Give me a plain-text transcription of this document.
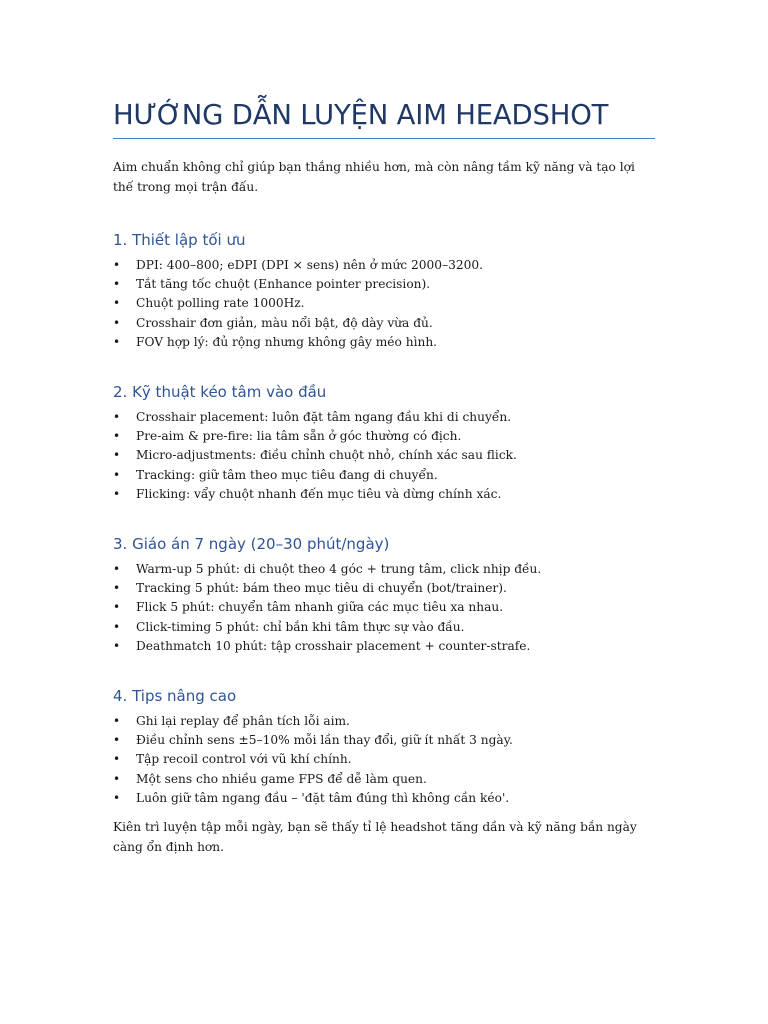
HƯỚNG DẪN LUYỆN AIM HEADSHOT

Aim chuẩn không chỉ giúp bạn thắng nhiều hơn, mà còn nâng tầm kỹ năng và tạo lợi thế trong mọi trận đấu.

1. Thiết lập tối ưu
• DPI: 400–800; eDPI (DPI × sens) nên ở mức 2000–3200.
• Tắt tăng tốc chuột (Enhance pointer precision).
• Chuột polling rate 1000Hz.
• Crosshair đơn giản, màu nổi bật, độ dày vừa đủ.
• FOV hợp lý: đủ rộng nhưng không gây méo hình.
2. Kỹ thuật kéo tâm vào đầu
• Crosshair placement: luôn đặt tâm ngang đầu khi di chuyển.
• Pre-aim & pre-fire: lia tâm sẵn ở góc thường có địch.
• Micro-adjustments: điều chỉnh chuột nhỏ, chính xác sau flick.
• Tracking: giữ tâm theo mục tiêu đang di chuyển.
• Flicking: vẩy chuột nhanh đến mục tiêu và dừng chính xác.
3. Giáo án 7 ngày (20–30 phút/ngày)
• Warm-up 5 phút: di chuột theo 4 góc + trung tâm, click nhịp đều.
• Tracking 5 phút: bám theo mục tiêu di chuyển (bot/trainer).
• Flick 5 phút: chuyển tâm nhanh giữa các mục tiêu xa nhau.
• Click-timing 5 phút: chỉ bắn khi tâm thực sự vào đầu.
• Deathmatch 10 phút: tập crosshair placement + counter-strafe.
4. Tips nâng cao
• Ghi lại replay để phân tích lỗi aim.
• Điều chỉnh sens ±5–10% mỗi lần thay đổi, giữ ít nhất 3 ngày.
• Tập recoil control với vũ khí chính.
• Một sens cho nhiều game FPS để dễ làm quen.
• Luôn giữ tâm ngang đầu – 'đặt tâm đúng thì không cần kéo'.

Kiên trì luyện tập mỗi ngày, bạn sẽ thấy tỉ lệ headshot tăng dần và kỹ năng bắn ngày càng ổn định hơn.
